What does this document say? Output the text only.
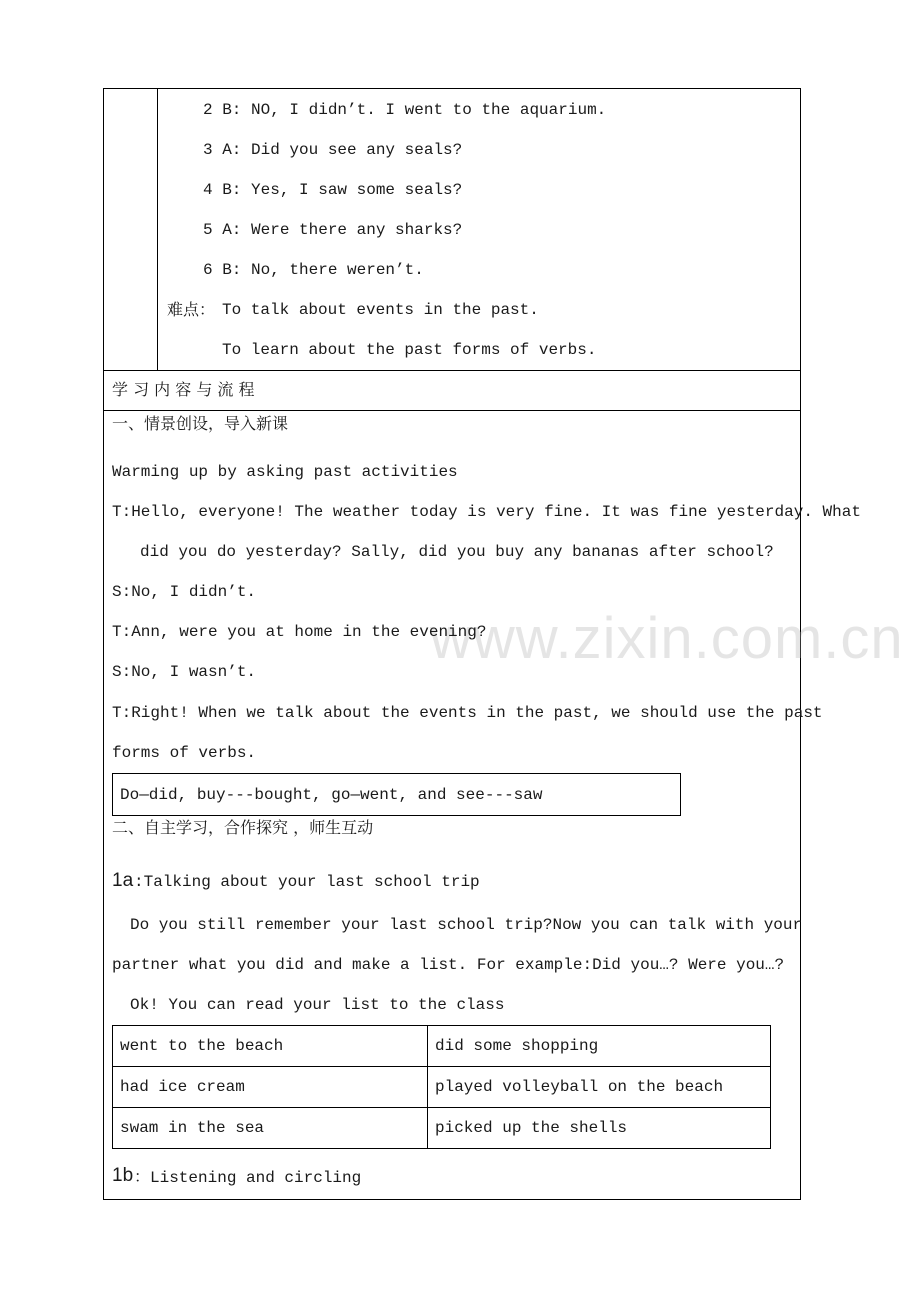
2 B: NO, I didn’t. I went to the aquarium.
3 A: Did you see any seals?
4 B: Yes, I saw some seals?
5 A: Were there any sharks?
6 B: No, there weren’t.
难点： To talk about events in the past.
To learn about the past forms of verbs.
学 习 内 容 与 流 程
www.zixin.com.cn
一、情景创设，导入新课
Warming up by asking past activities
T:Hello, everyone! The weather today is very fine. It was fine yesterday. What
did you do yesterday? Sally, did you buy any bananas after school?
S:No, I didn’t.
T:Ann, were you at home in the evening?
S:No, I wasn’t.
T:Right! When we talk about the events in the past, we should use the past
forms of verbs.
Do—did, buy---bought, go—went, and see---saw
二、自主学习，合作探究 ，师生互动
1a :Talking about your last school trip
Do you still remember your last school trip?Now you can talk with your
partner what you did and make a list. For example:Did you…? Were you…?
Ok! You can read your list to the class
went to the beach	did some shopping
had ice cream	played volleyball on the beach
swam in the sea	picked up the shells
1b ：Listening and circling
